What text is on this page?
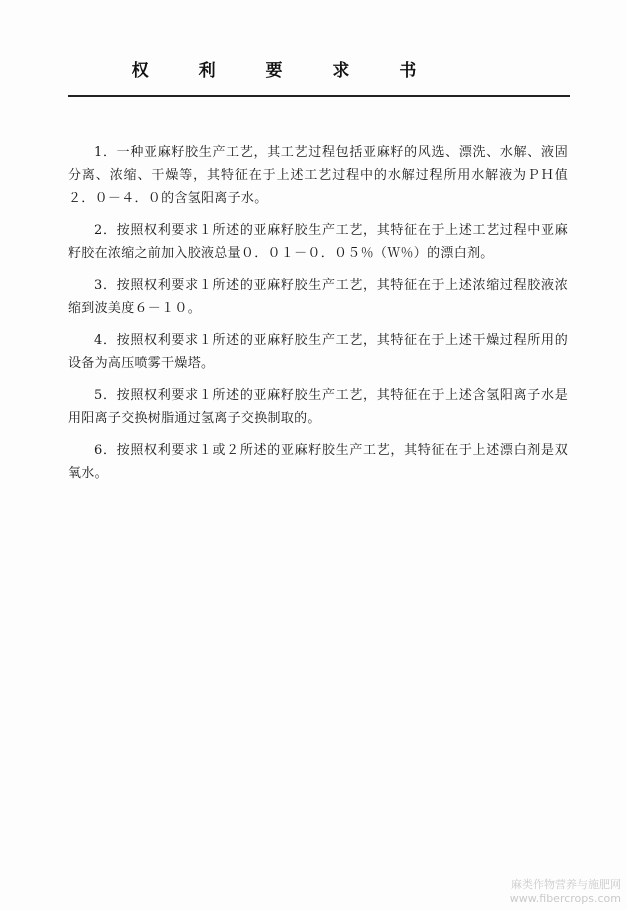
权 利 要 求 书

1．一种亚麻籽胶生产工艺，其工艺过程包括亚麻籽的风选、漂洗、水解、液固分离、浓缩、干燥等，其特征在于上述工艺过程中的水解过程所用水解液为ＰＨ值２．０－４．０的含氢阳离子水。

2．按照权利要求１所述的亚麻籽胶生产工艺，其特征在于上述工艺过程中亚麻籽胶在浓缩之前加入胶液总量０．０１－０．０５％（Ｗ％）的漂白剂。

3．按照权利要求１所述的亚麻籽胶生产工艺，其特征在于上述浓缩过程胶液浓缩到波美度６－１０。

4．按照权利要求１所述的亚麻籽胶生产工艺，其特征在于上述干燥过程所用的设备为高压喷雾干燥塔。

5．按照权利要求１所述的亚麻籽胶生产工艺，其特征在于上述含氢阳离子水是用阳离子交换树脂通过氢离子交换制取的。

6．按照权利要求１或２所述的亚麻籽胶生产工艺，其特征在于上述漂白剂是双氧水。

麻类作物营养与施肥网
www.fibercrops.com
